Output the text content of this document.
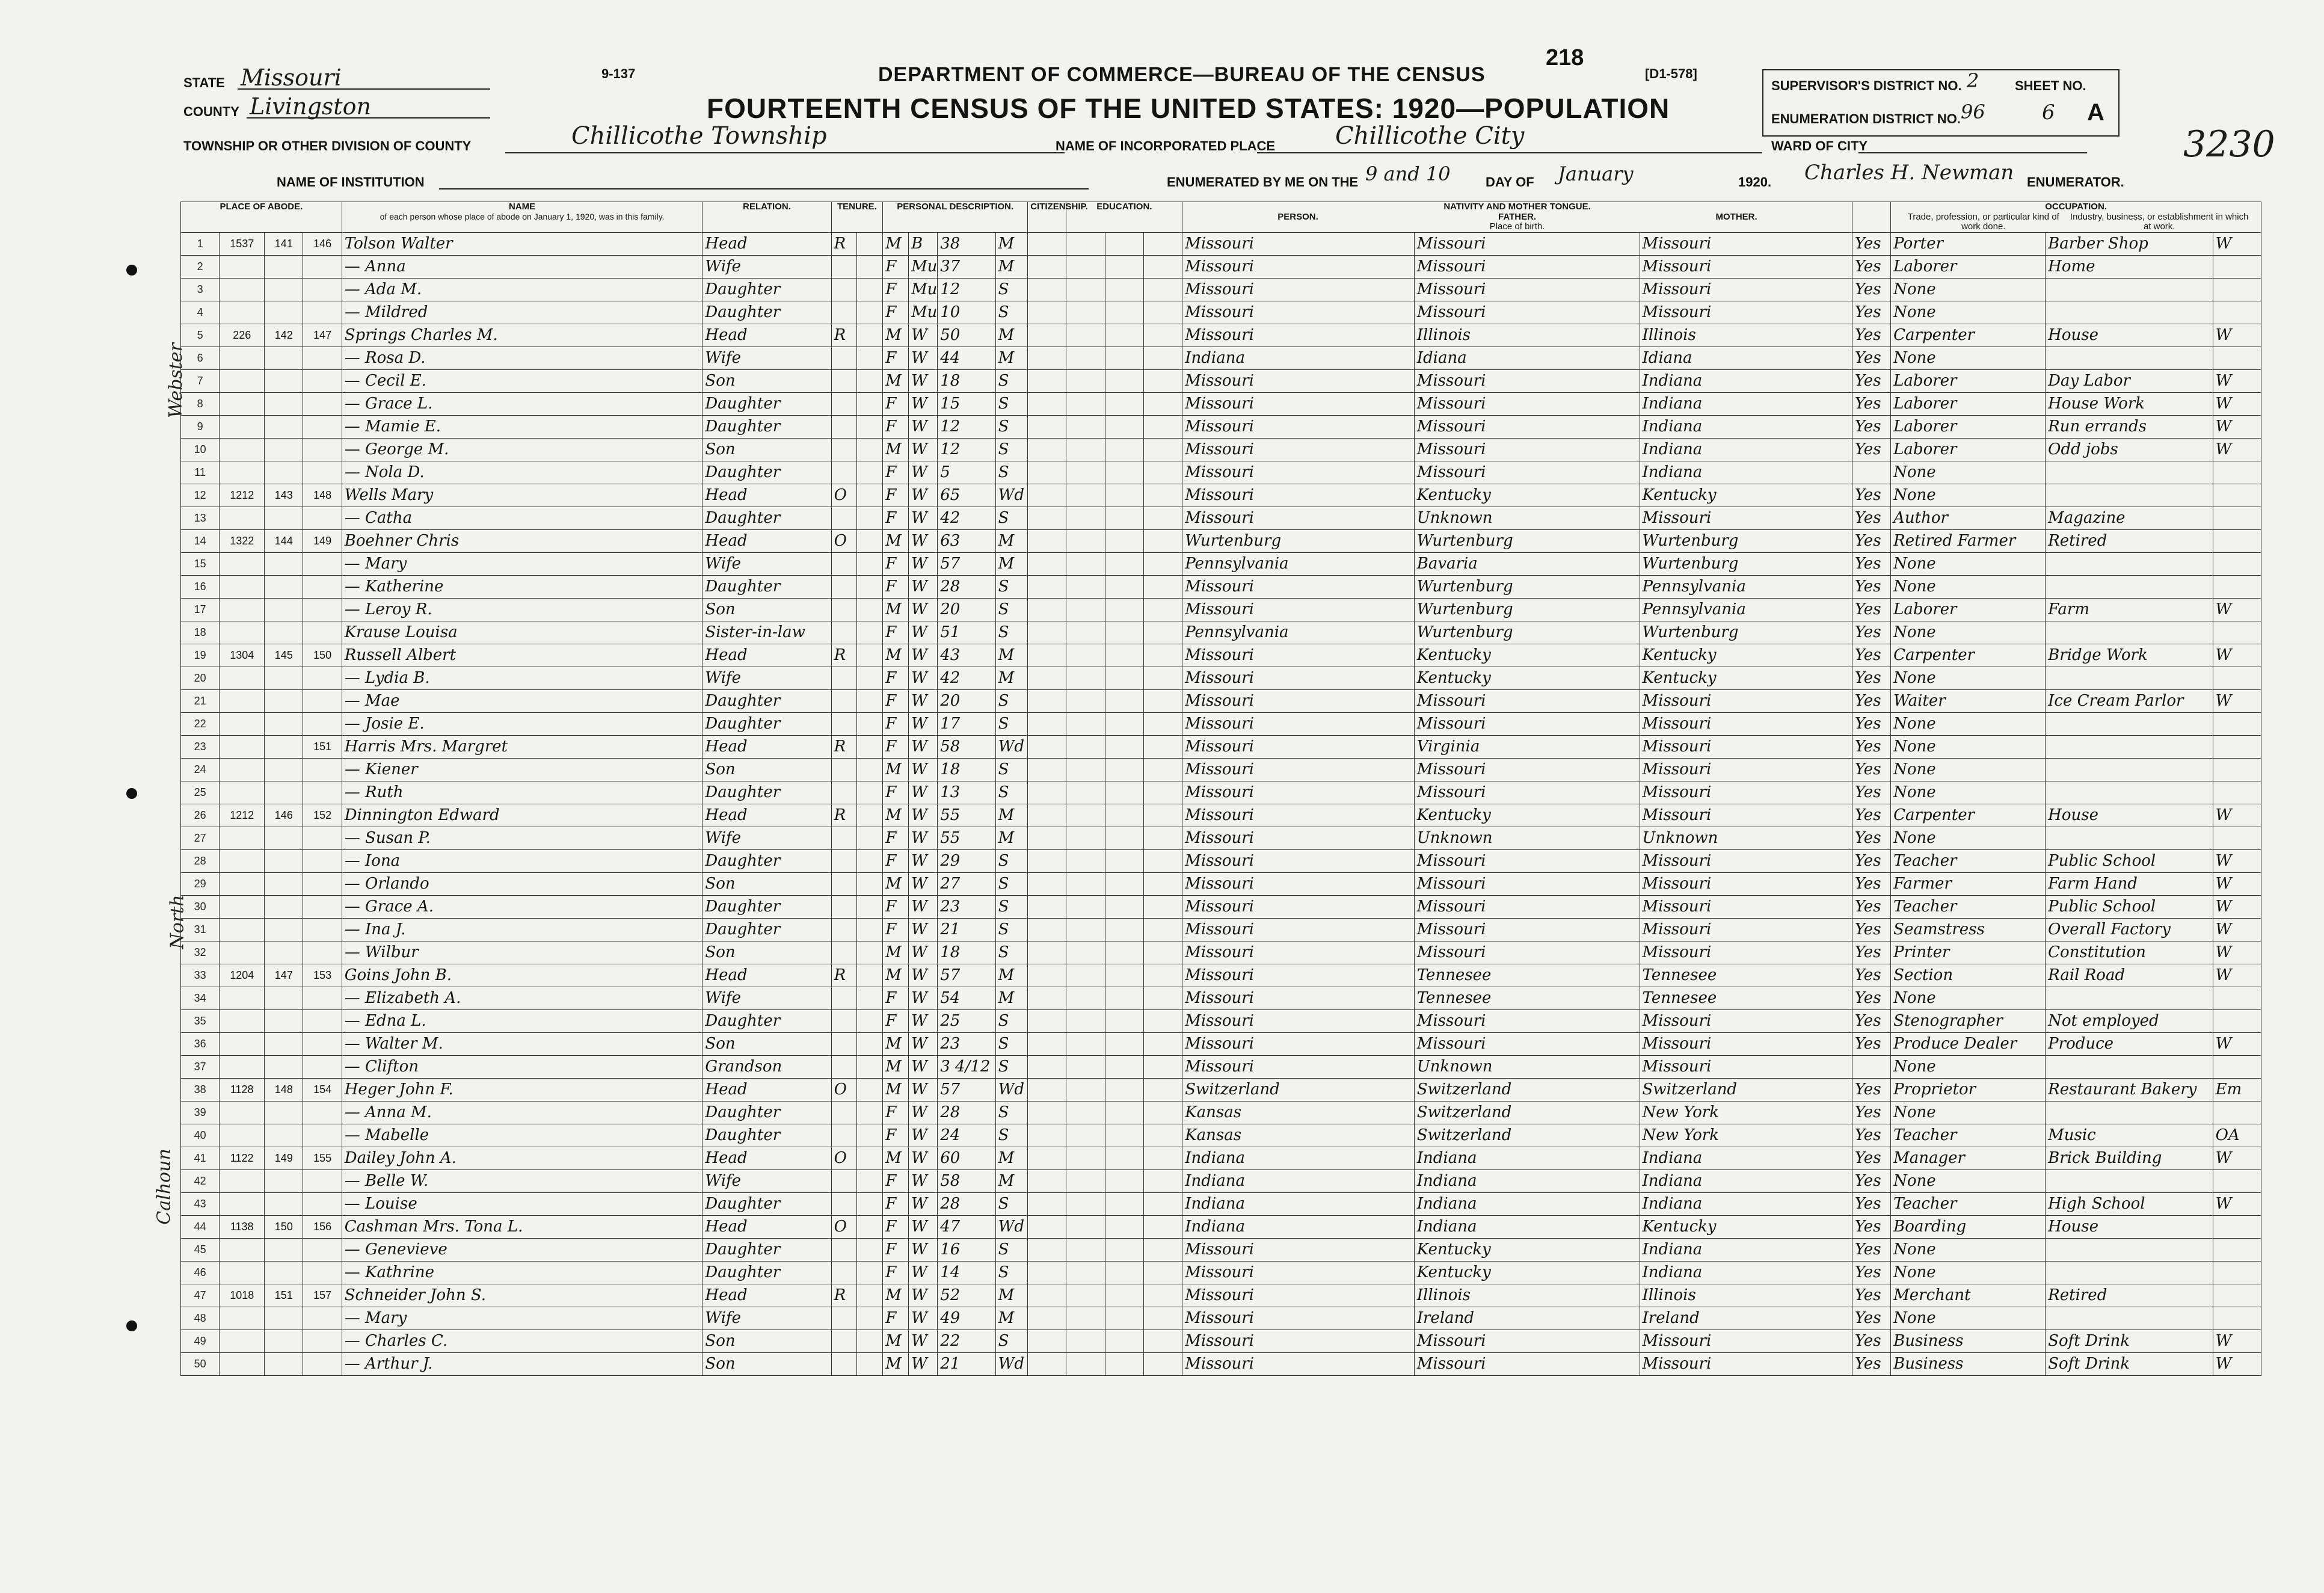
STATE Missouri
COUNTY Livingston
9-137
218
[D1-578]
DEPARTMENT OF COMMERCE—BUREAU OF THE CENSUS
FOURTEENTH CENSUS OF THE UNITED STATES: 1920—POPULATION
TOWNSHIP OR OTHER DIVISION OF COUNTY	Chillicothe Township	NAME OF INCORPORATED PLACE Chillicothe City	WARD OF CITY
NAME OF INSTITUTION	ENUMERATED BY ME ON THE 9 and 10	DAY OF January	1920. Charles H. Newman ENUMERATOR.
SUPERVISOR'S DISTRICT NO. 2
ENUMERATION DISTRICT NO. 96
SHEET NO.
6 A
3230
Webster
North
Calhoun
PLACE OF ABODE.				NAME
of each person whose place of abode on January 1, 1920, was in this family.	RELATION.	TENURE.		PERSONAL DESCRIPTION.				CITIZENSHIP.	EDUCATION.			NATIVITY AND MOTHER TONGUE.
PERSON. FATHER. MOTHER.
Place of birth.				OCCUPATION.
Trade, profession, or particular kind of work done. Industry, business, or establishment in which at work.		
1	1537	141	146	Tolson Walter	Head	R		M	B	38	M					Missouri	Missouri	Missouri	Yes	Porter	Barber Shop	W
2				— Anna	Wife			F	Mu	37	M					Missouri	Missouri	Missouri	Yes	Laborer	Home	
3				— Ada M.	Daughter			F	Mu	12	S					Missouri	Missouri	Missouri	Yes	None		
4				— Mildred	Daughter			F	Mu	10	S					Missouri	Missouri	Missouri	Yes	None		
5	226	142	147	Springs Charles M.	Head	R		M	W	50	M					Missouri	Illinois	Illinois	Yes	Carpenter	House	W
6				— Rosa D.	Wife			F	W	44	M					Indiana	Idiana	Idiana	Yes	None		
7				— Cecil E.	Son			M	W	18	S					Missouri	Missouri	Indiana	Yes	Laborer	Day Labor	W
8				— Grace L.	Daughter			F	W	15	S					Missouri	Missouri	Indiana	Yes	Laborer	House Work	W
9				— Mamie E.	Daughter			F	W	12	S					Missouri	Missouri	Indiana	Yes	Laborer	Run errands	W
10				— George M.	Son			M	W	12	S					Missouri	Missouri	Indiana	Yes	Laborer	Odd jobs	W
11				— Nola D.	Daughter			F	W	5	S					Missouri	Missouri	Indiana		None		
12	1212	143	148	Wells Mary	Head	O		F	W	65	Wd					Missouri	Kentucky	Kentucky	Yes	None		
13				— Catha	Daughter			F	W	42	S					Missouri	Unknown	Missouri	Yes	Author	Magazine	
14	1322	144	149	Boehner Chris	Head	O		M	W	63	M					Wurtenburg	Wurtenburg	Wurtenburg	Yes	Retired Farmer	Retired	
15				— Mary	Wife			F	W	57	M					Pennsylvania	Bavaria	Wurtenburg	Yes	None		
16				— Katherine	Daughter			F	W	28	S					Missouri	Wurtenburg	Pennsylvania	Yes	None		
17				— Leroy R.	Son			M	W	20	S					Missouri	Wurtenburg	Pennsylvania	Yes	Laborer	Farm	W
18				Krause Louisa	Sister-in-law			F	W	51	S					Pennsylvania	Wurtenburg	Wurtenburg	Yes	None		
19	1304	145	150	Russell Albert	Head	R		M	W	43	M					Missouri	Kentucky	Kentucky	Yes	Carpenter	Bridge Work	W
20				— Lydia B.	Wife			F	W	42	M					Missouri	Kentucky	Kentucky	Yes	None		
21				— Mae	Daughter			F	W	20	S					Missouri	Missouri	Missouri	Yes	Waiter	Ice Cream Parlor	W
22				— Josie E.	Daughter			F	W	17	S					Missouri	Missouri	Missouri	Yes	None		
23			151	Harris Mrs. Margret	Head	R		F	W	58	Wd					Missouri	Virginia	Missouri	Yes	None		
24				— Kiener	Son			M	W	18	S					Missouri	Missouri	Missouri	Yes	None		
25				— Ruth	Daughter			F	W	13	S					Missouri	Missouri	Missouri	Yes	None		
26	1212	146	152	Dinnington Edward	Head	R		M	W	55	M					Missouri	Kentucky	Missouri	Yes	Carpenter	House	W
27				— Susan P.	Wife			F	W	55	M					Missouri	Unknown	Unknown	Yes	None		
28				— Iona	Daughter			F	W	29	S					Missouri	Missouri	Missouri	Yes	Teacher	Public School	W
29				— Orlando	Son			M	W	27	S					Missouri	Missouri	Missouri	Yes	Farmer	Farm Hand	W
30				— Grace A.	Daughter			F	W	23	S					Missouri	Missouri	Missouri	Yes	Teacher	Public School	W
31				— Ina J.	Daughter			F	W	21	S					Missouri	Missouri	Missouri	Yes	Seamstress	Overall Factory	W
32				— Wilbur	Son			M	W	18	S					Missouri	Missouri	Missouri	Yes	Printer	Constitution	W
33	1204	147	153	Goins John B.	Head	R		M	W	57	M					Missouri	Tennesee	Tennesee	Yes	Section	Rail Road	W
34				— Elizabeth A.	Wife			F	W	54	M					Missouri	Tennesee	Tennesee	Yes	None		
35				— Edna L.	Daughter			F	W	25	S					Missouri	Missouri	Missouri	Yes	Stenographer	Not employed	
36				— Walter M.	Son			M	W	23	S					Missouri	Missouri	Missouri	Yes	Produce Dealer	Produce	W
37				— Clifton	Grandson			M	W	3 4/12	S					Missouri	Unknown	Missouri		None		
38	1128	148	154	Heger John F.	Head	O		M	W	57	Wd					Switzerland	Switzerland	Switzerland	Yes	Proprietor	Restaurant Bakery	Em
39				— Anna M.	Daughter			F	W	28	S					Kansas	Switzerland	New York	Yes	None		
40				— Mabelle	Daughter			F	W	24	S					Kansas	Switzerland	New York	Yes	Teacher	Music	OA
41	1122	149	155	Dailey John A.	Head	O		M	W	60	M					Indiana	Indiana	Indiana	Yes	Manager	Brick Building	W
42				— Belle W.	Wife			F	W	58	M					Indiana	Indiana	Indiana	Yes	None		
43				— Louise	Daughter			F	W	28	S					Indiana	Indiana	Indiana	Yes	Teacher	High School	W
44	1138	150	156	Cashman Mrs. Tona L.	Head	O		F	W	47	Wd					Indiana	Indiana	Kentucky	Yes	Boarding	House	
45				— Genevieve	Daughter			F	W	16	S					Missouri	Kentucky	Indiana	Yes	None		
46				— Kathrine	Daughter			F	W	14	S					Missouri	Kentucky	Indiana	Yes	None		
47	1018	151	157	Schneider John S.	Head	R		M	W	52	M					Missouri	Illinois	Illinois	Yes	Merchant	Retired	
48				— Mary	Wife			F	W	49	M					Missouri	Ireland	Ireland	Yes	None		
49				— Charles C.	Son			M	W	22	S					Missouri	Missouri	Missouri	Yes	Business	Soft Drink	W
50				— Arthur J.	Son			M	W	21	Wd					Missouri	Missouri	Missouri	Yes	Business	Soft Drink	W
